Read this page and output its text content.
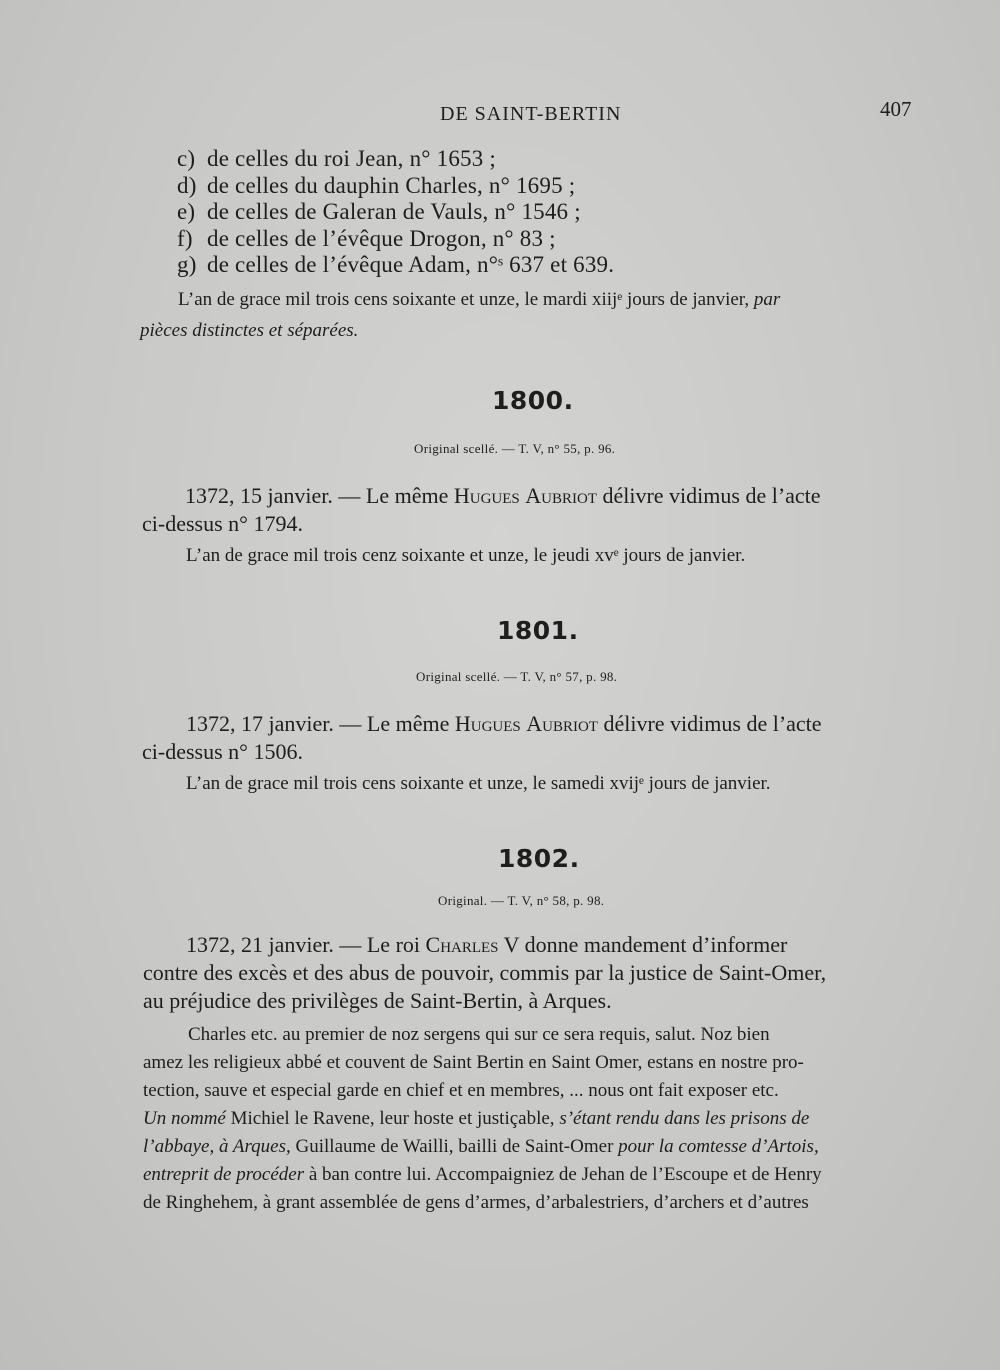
DE SAINT-BERTIN	407
c) de celles du roi Jean, n° 1653 ;
d) de celles du dauphin Charles, n° 1695 ;
e) de celles de Galeran de Vauls, n° 1546 ;
f) de celles de l’évêque Drogon, n° 83 ;
g) de celles de l’évêque Adam, n°ˢ 637 et 639.
L’an de grace mil trois cens soixante et unze, le mardi xiijᵉ jours de janvier, par
pièces distinctes et séparées.
1800.
Original scellé. — T. V, n° 55, p. 96.
1372, 15 janvier. — Le même Hugues Aubriot délivre vidimus de l’acte
ci-dessus n° 1794.
L’an de grace mil trois cenz soixante et unze, le jeudi xvᵉ jours de janvier.
1801.
Original scellé. — T. V, n° 57, p. 98.
1372, 17 janvier. — Le même Hugues Aubriot délivre vidimus de l’acte
ci-dessus n° 1506.
L’an de grace mil trois cens soixante et unze, le samedi xvijᵉ jours de janvier.
1802.
Original. — T. V, n° 58, p. 98.
1372, 21 janvier. — Le roi Charles V donne mandement d’informer
contre des excès et des abus de pouvoir, commis par la justice de Saint-Omer,
au préjudice des privilèges de Saint-Bertin, à Arques.
Charles etc. au premier de noz sergens qui sur ce sera requis, salut. Noz bien
amez les religieux abbé et couvent de Saint Bertin en Saint Omer, estans en nostre pro-
tection, sauve et especial garde en chief et en membres, ... nous ont fait exposer etc.
Un nommé Michiel le Ravene, leur hoste et justiçable, s’étant rendu dans les prisons de
l’abbaye, à Arques, Guillaume de Wailli, bailli de Saint-Omer pour la comtesse d’Artois,
entreprit de procéder à ban contre lui. Accompaigniez de Jehan de l’Escoupe et de Henry
de Ringhehem, à grant assemblée de gens d’armes, d’arbalestriers, d’archers et d’autres
